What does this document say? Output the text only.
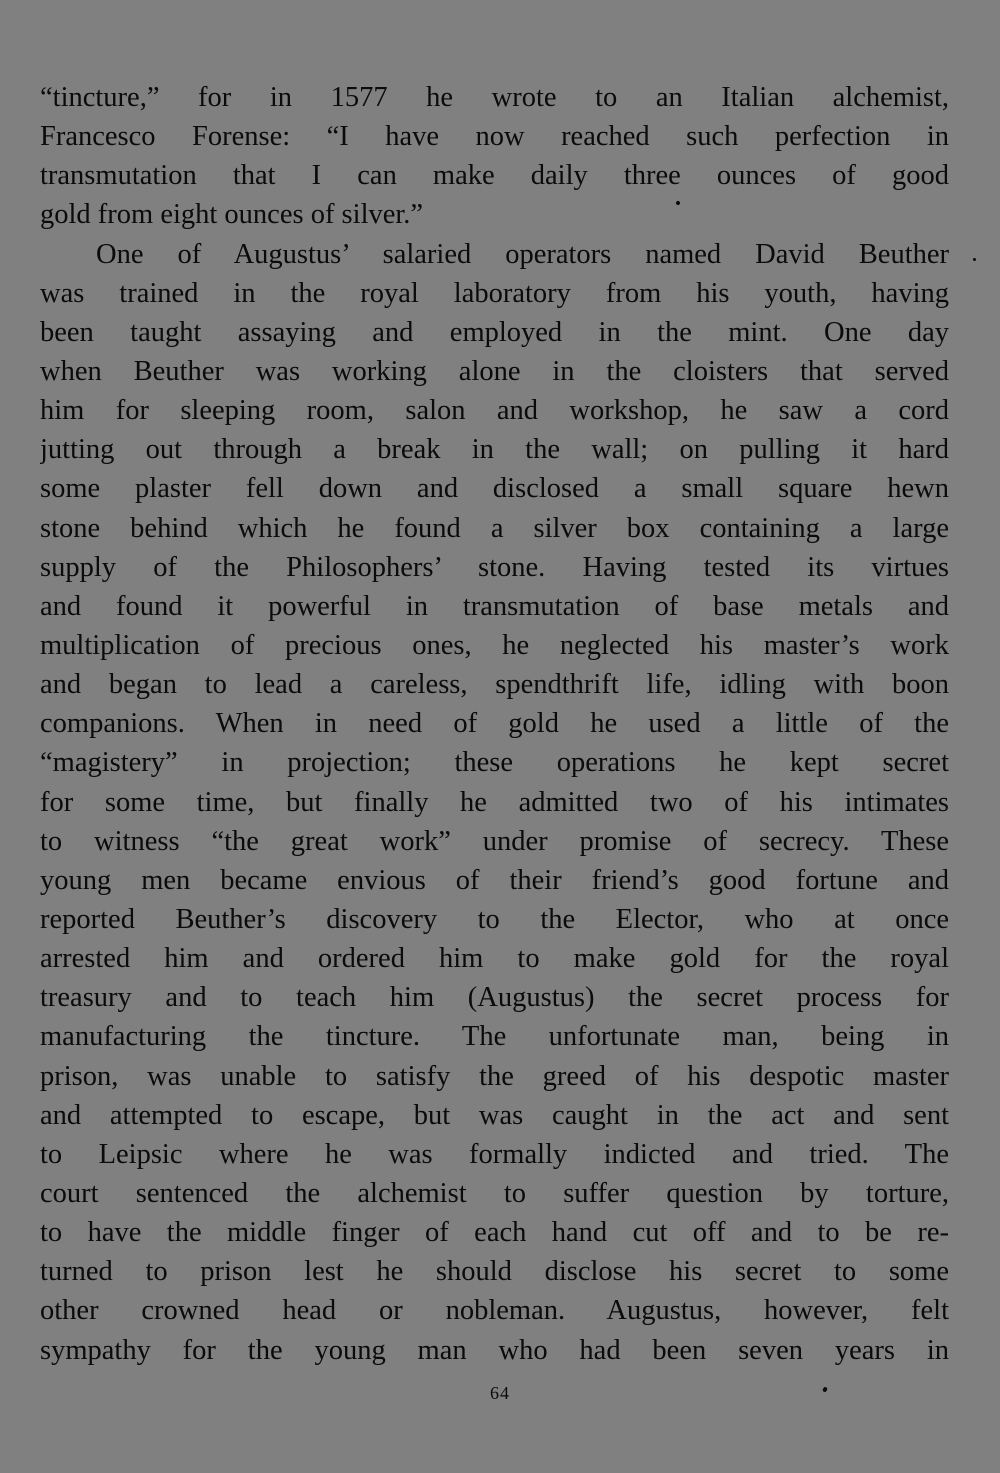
“tincture,” for in 1577 he wrote to an Italian alchemist,
Francesco Forense: “I have now reached such perfection in
transmutation that I can make daily three ounces of good
gold from eight ounces of silver.”
One of Augustus’ salaried operators named David Beuther
was trained in the royal laboratory from his youth, having
been taught assaying and employed in the mint. One day
when Beuther was working alone in the cloisters that served
him for sleeping room, salon and workshop, he saw a cord
jutting out through a break in the wall; on pulling it hard
some plaster fell down and disclosed a small square hewn
stone behind which he found a silver box containing a large
supply of the Philosophers’ stone. Having tested its virtues
and found it powerful in transmutation of base metals and
multiplication of precious ones, he neglected his master’s work
and began to lead a careless, spendthrift life, idling with boon
companions. When in need of gold he used a little of the
“magistery” in projection; these operations he kept secret
for some time, but finally he admitted two of his intimates
to witness “the great work” under promise of secrecy. These
young men became envious of their friend’s good fortune and
reported Beuther’s discovery to the Elector, who at once
arrested him and ordered him to make gold for the royal
treasury and to teach him (Augustus) the secret process for
manufacturing the tincture. The unfortunate man, being in
prison, was unable to satisfy the greed of his despotic master
and attempted to escape, but was caught in the act and sent
to Leipsic where he was formally indicted and tried. The
court sentenced the alchemist to suffer question by torture,
to have the middle finger of each hand cut off and to be re-
turned to prison lest he should disclose his secret to some
other crowned head or nobleman. Augustus, however, felt
sympathy for the young man who had been seven years in
64
